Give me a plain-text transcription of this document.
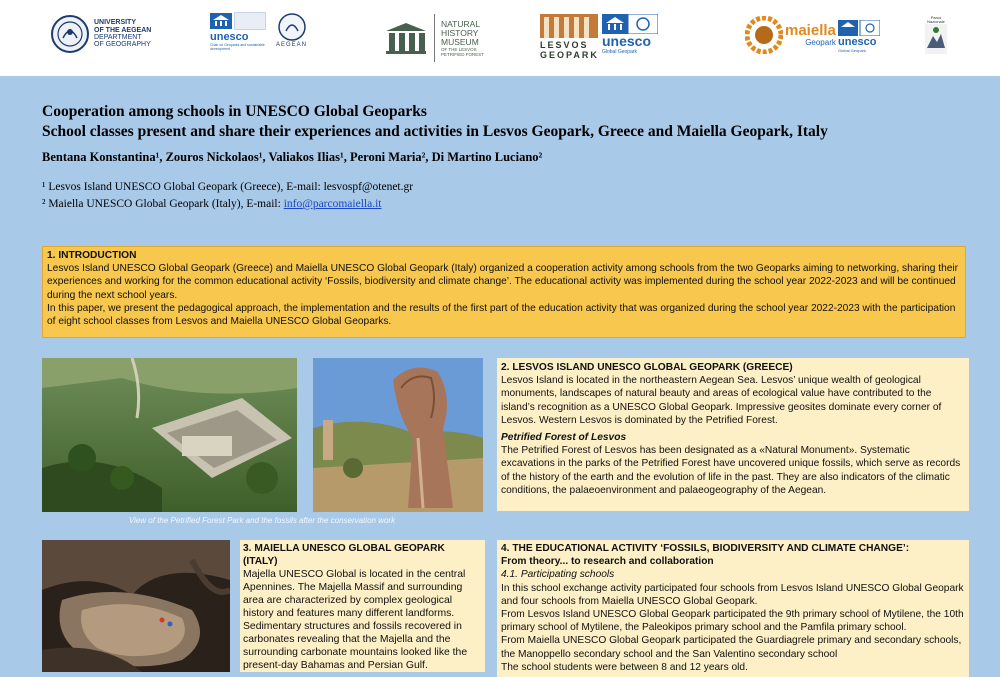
UNIVERSITY
OF THE AEGEAN
DEPARTMENT
OF GEOGRAPHY
unesco
Chair on Geoparks and sustainable development
AEGEAN
NATURAL
HISTORY
MUSEUM
OF THE LESVOS
PETRIFIED FOREST
LESVOS
GEOPARK
unesco
Global Geopark
maiella
Geopark unesco
Global Geopark
Parco Nazionale
Cooperation among schools in UNESCO Global Geoparks
School classes present and share their experiences and activities in Lesvos Geopark, Greece and Maiella Geopark, Italy
Bentana Konstantina¹, Zouros Nickolaos¹, Valiakos Ilias¹, Peroni Maria², Di Martino Luciano²
¹ Lesvos Island UNESCO Global Geopark (Greece), E-mail: lesvospf@otenet.gr
² Maiella UNESCO Global Geopark (Italy), E-mail: info@parcomaiella.it
1. INTRODUCTION

Lesvos Island UNESCO Global Geopark (Greece) and Maiella UNESCO Global Geopark (Italy) organized a cooperation activity among schools from the two Geoparks aiming to networking, sharing their experiences and working for the common educational activity ‘Fossils, biodiversity and climate change’. The educational activity was implemented during the school year 2022-2023 and will be continued during the next school years.

In this paper, we present the pedagogical approach, the implementation and the results of the first part of the education activity that was organized during the school year 2022-2023 with the participation of eight school classes from Lesvos and Maiella UNESCO Global Geoparks.

View of the Petrified Forest Park and the fossils after the conservation work
2. LESVOS ISLAND UNESCO GLOBAL GEOPARK (GREECE)

Lesvos Island is located in the northeastern Aegean Sea. Lesvos’ unique wealth of geological monuments, landscapes of natural beauty and areas of ecological value have contributed to the island’s recognition as a UNESCO Global Geopark. Impressive geosites dominate every corner of Lesvos. Western Lesvos is dominated by the Petrified Forest.

Petrified Forest of Lesvos

The Petrified Forest of Lesvos has been designated as a «Natural Monument». Systematic excavations in the parks of the Petrified Forest have uncovered unique fossils, which serve as records of the history of the earth and the evolution of life in the past. They are also indicators of the climatic conditions, the palaeoenvironment and palaeogeography of the Aegean.

3. MAIELLA UNESCO GLOBAL GEOPARK (ITALY)

Majella UNESCO Global is located in the central Apennines. The Majella Massif and surrounding area are characterized by complex geological history and features many different landforms. Sedimentary structures and fossils recovered in carbonates revealing that the Majella and the surrounding carbonate mountains looked like the present-day Bahamas and Persian Gulf.

4. THE EDUCATIONAL ACTIVITY ‘FOSSILS, BIODIVERSITY AND CLIMATE CHANGE’:

From theory... to research and collaboration

4.1. Participating schools

In this school exchange activity participated four schools from Lesvos Island UNESCO Global Geopark and four schools from Maiella UNESCO Global Geopark.

From Lesvos Island UNESCO Global Geopark participated the 9th primary school of Mytilene, the 10th primary school of Mytilene, the Paleokipos primary school and the Pamfila primary school.

From Maiella UNESCO Global Geopark participated the Guardiagrele primary and secondary schools, the Manoppello secondary school and the San Valentino secondary school

The school students were between 8 and 12 years old.
